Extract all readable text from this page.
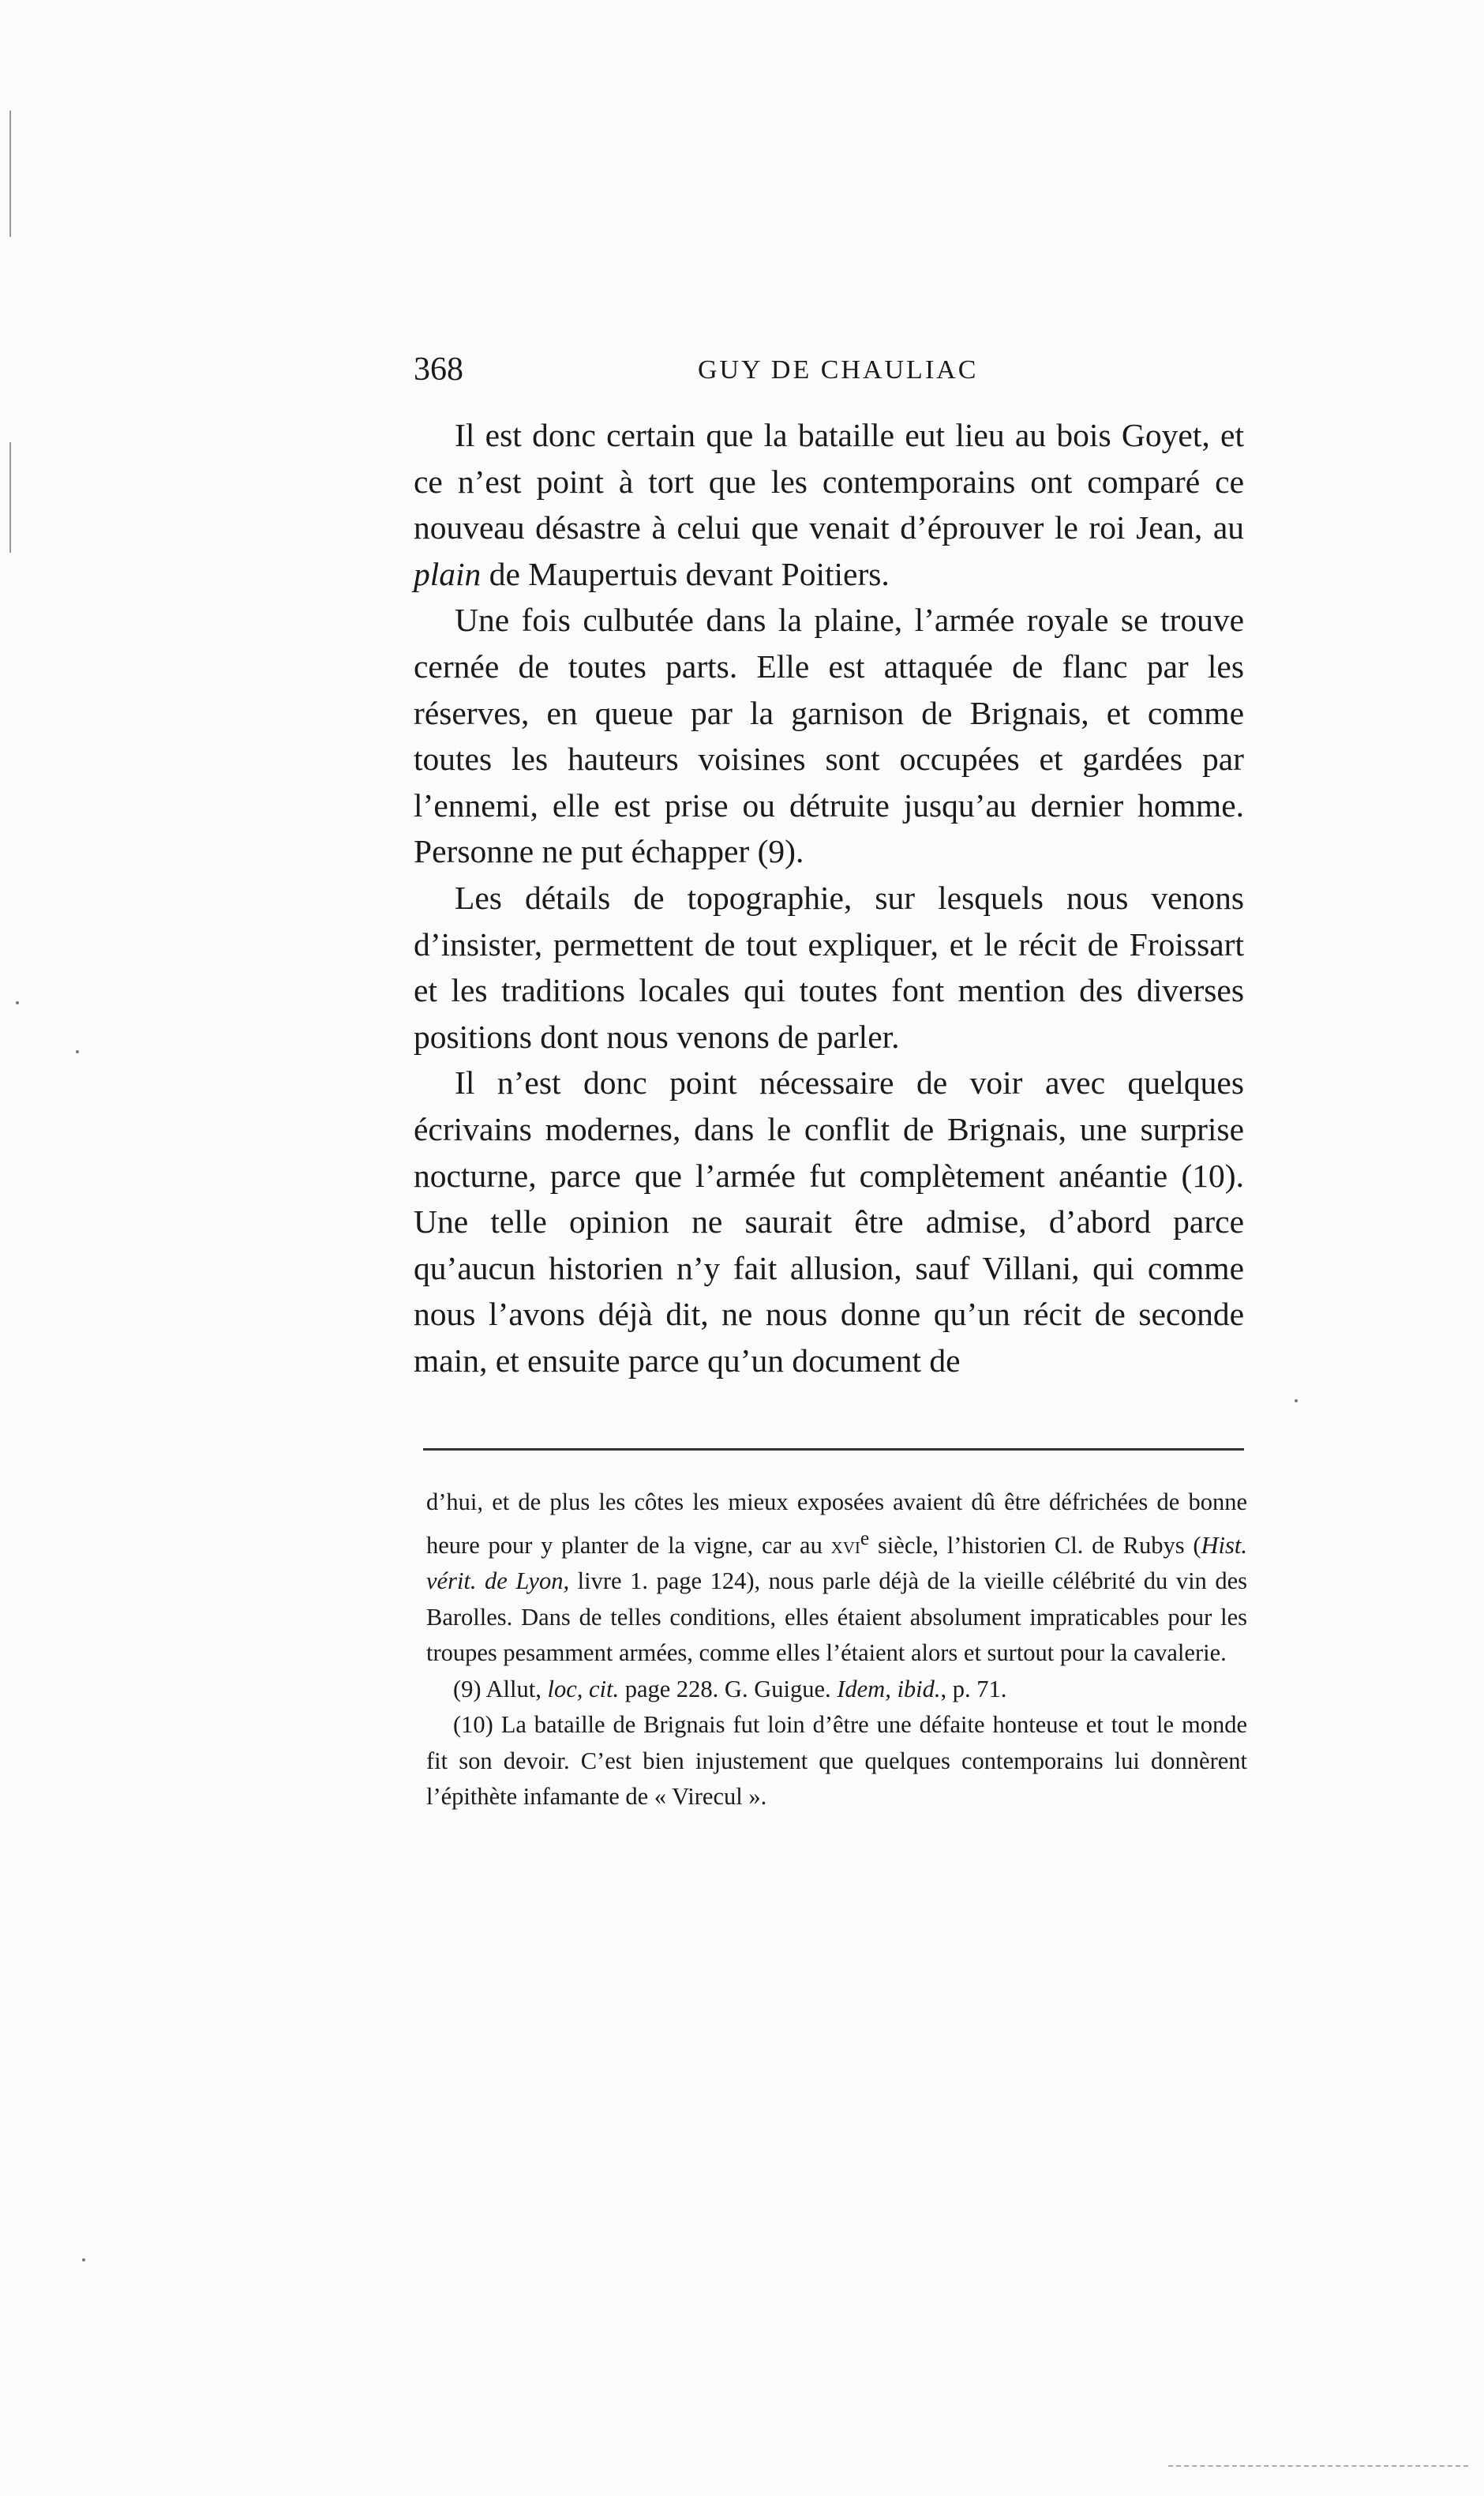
368	GUY DE CHAULIAC

Il est donc certain que la bataille eut lieu au bois Goyet, et ce n’est point à tort que les contemporains ont comparé ce nouveau désastre à celui que venait d’éprouver le roi Jean, au plain de Maupertuis devant Poitiers.

Une fois culbutée dans la plaine, l’armée royale se trouve cernée de toutes parts. Elle est attaquée de flanc par les réserves, en queue par la garnison de Brignais, et comme toutes les hauteurs voisines sont occupées et gardées par l’ennemi, elle est prise ou détruite jusqu’au dernier homme. Personne ne put échapper (9).

Les détails de topographie, sur lesquels nous venons d’insister, permettent de tout expliquer, et le récit de Froissart et les traditions locales qui toutes font mention des diverses positions dont nous venons de parler.

Il n’est donc point nécessaire de voir avec quelques écrivains modernes, dans le conflit de Brignais, une surprise nocturne, parce que l’armée fut complètement anéantie (10). Une telle opinion ne saurait être admise, d’abord parce qu’aucun historien n’y fait allusion, sauf Villani, qui comme nous l’avons déjà dit, ne nous donne qu’un récit de seconde main, et ensuite parce qu’un document de

d’hui, et de plus les côtes les mieux exposées avaient dû être défrichées de bonne heure pour y planter de la vigne, car au xvi$^e$ siècle, l’historien Cl. de Rubys (Hist. vérit. de Lyon, livre 1. page 124), nous parle déjà de la vieille célébrité du vin des Barolles. Dans de telles conditions, elles étaient absolument impraticables pour les troupes pesamment armées, comme elles l’étaient alors et surtout pour la cavalerie.

(9) Allut, loc, cit. page 228. G. Guigue. Idem, ibid., p. 71.

(10) La bataille de Brignais fut loin d’être une défaite honteuse et tout le monde fit son devoir. C’est bien injustement que quelques contemporains lui donnèrent l’épithète infamante de « Virecul ».
